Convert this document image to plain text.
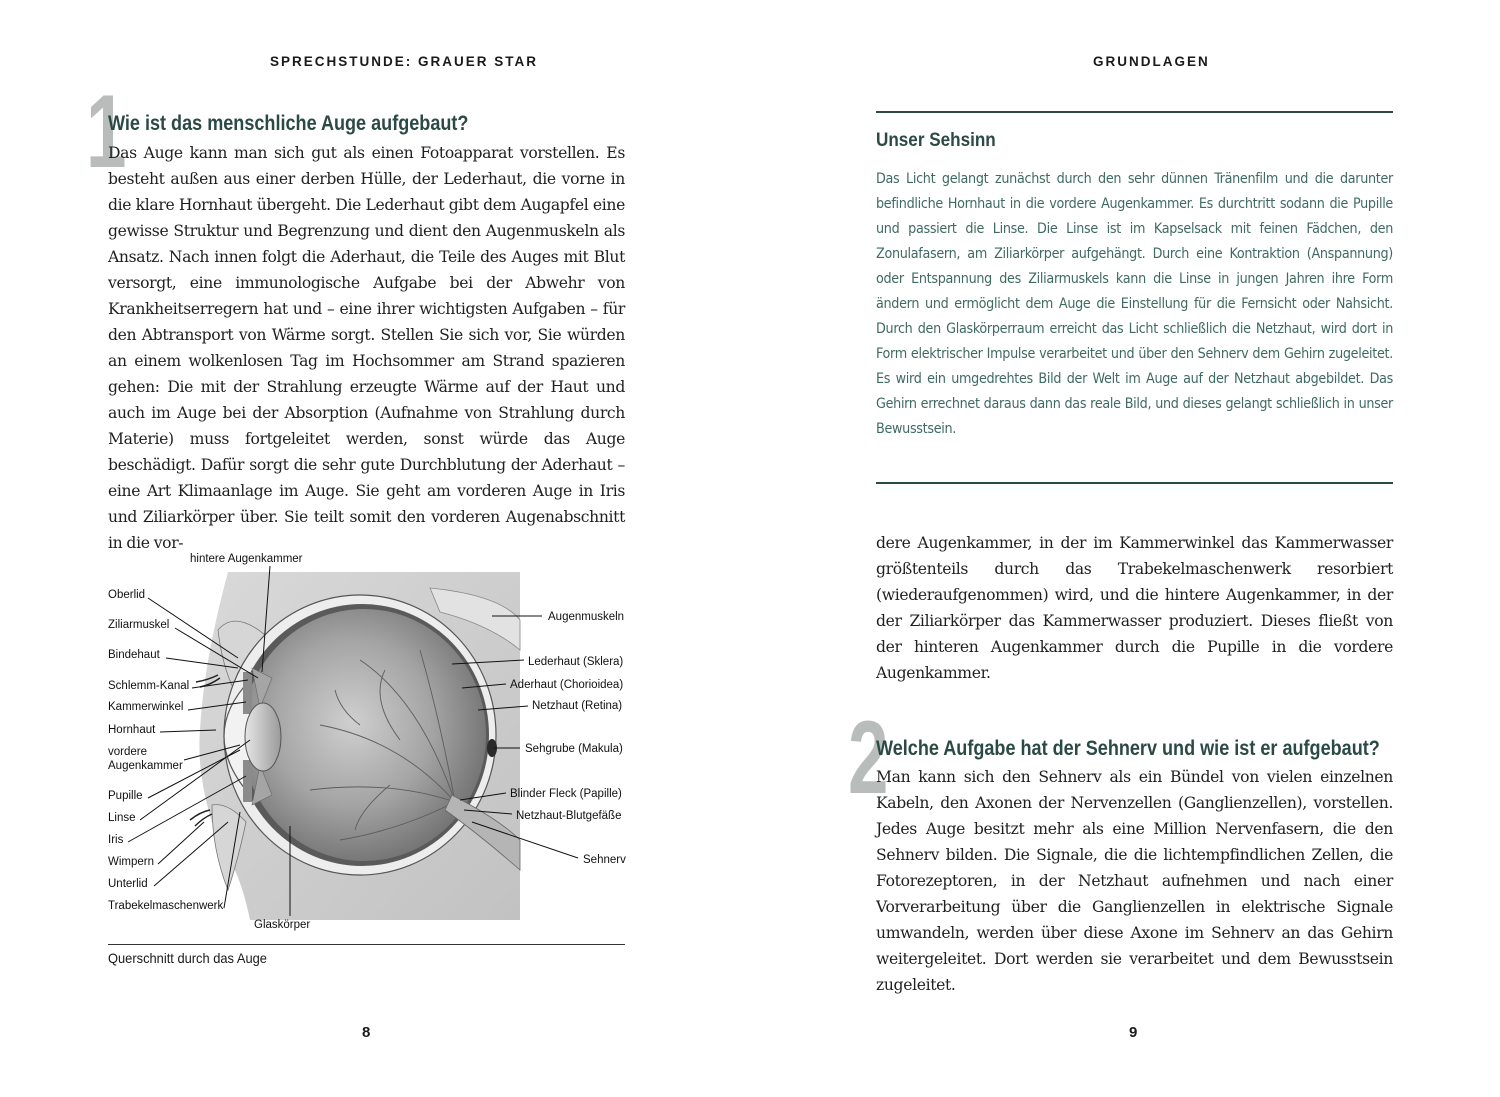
SPRECHSTUNDE: GRAUER STAR
1
Wie ist das menschliche Auge aufgebaut?

Das Auge kann man sich gut als einen Fotoapparat vorstellen. Es besteht außen aus einer derben Hülle, der Lederhaut, die vorne in die klare Hornhaut übergeht. Die Lederhaut gibt dem Augapfel eine gewisse Struktur und Begrenzung und dient den Augenmuskeln als Ansatz. Nach innen folgt die Aderhaut, die Teile des Auges mit Blut versorgt, eine immunologische Aufgabe bei der Abwehr von Krankheitserregern hat und – eine ihrer wichtigsten Aufgaben – für den Abtransport von Wärme sorgt. Stellen Sie sich vor, Sie würden an einem wolkenlosen Tag im Hochsommer am Strand spazieren gehen: Die mit der Strahlung erzeugte Wärme auf der Haut und auch im Auge bei der Absorption (Aufnahme von Strahlung durch Materie) muss fortgeleitet werden, sonst würde das Auge beschädigt. Dafür sorgt die sehr gute Durchblutung der Aderhaut – eine Art Klimaanlage im Auge. Sie geht am vorderen Auge in Iris und Ziliarkörper über. Sie teilt somit den vorderen Augenabschnitt in die vor-

hintere Augenkammer
Oberlid
Ziliarmuskel
Bindehaut
Schlemm-Kanal
Kammerwinkel
Hornhaut
vordere
Augenkammer
Pupille
Linse
Iris
Wimpern
Unterlid
Trabekelmaschenwerk
Augenmuskeln
Lederhaut (Sklera)
Aderhaut (Chorioidea)
Netzhaut (Retina)
Sehgrube (Makula)
Blinder Fleck (Papille)
Netzhaut-Blutgefäße
Sehnerv
Glaskörper
Querschnitt durch das Auge
8
GRUNDLAGEN
Unser Sehsinn

Das Licht gelangt zunächst durch den sehr dünnen Tränenfilm und die darunter befindliche Hornhaut in die vordere Augenkammer. Es durchtritt sodann die Pupille und passiert die Linse. Die Linse ist im Kapselsack mit feinen Fädchen, den Zonulafasern, am Ziliarkörper aufgehängt. Durch eine Kontraktion (Anspannung) oder Entspannung des Ziliarmuskels kann die Linse in jungen Jahren ihre Form ändern und ermöglicht dem Auge die Einstellung für die Fernsicht oder Nahsicht. Durch den Glaskörperraum erreicht das Licht schließlich die Netzhaut, wird dort in Form elektrischer Impulse verarbeitet und über den Sehnerv dem Gehirn zugeleitet. Es wird ein umgedrehtes Bild der Welt im Auge auf der Netzhaut abgebildet. Das Gehirn errechnet daraus dann das reale Bild, und dieses gelangt schließlich in unser Bewusstsein.

dere Augenkammer, in der im Kammerwinkel das Kammerwasser größtenteils durch das Trabekelmaschenwerk resorbiert (wiederaufgenommen) wird, und die hintere Augenkammer, in der der Ziliarkörper das Kammerwasser produziert. Dieses fließt von der hinteren Augenkammer durch die Pupille in die vordere Augenkammer.

2
Welche Aufgabe hat der Sehnerv und wie ist er aufgebaut?

Man kann sich den Sehnerv als ein Bündel von vielen einzelnen Kabeln, den Axonen der Nervenzellen (Ganglienzellen), vorstellen. Jedes Auge besitzt mehr als eine Million Nervenfasern, die den Sehnerv bilden. Die Signale, die die lichtempfindlichen Zellen, die Fotorezeptoren, in der Netzhaut aufnehmen und nach einer Vorverarbeitung über die Ganglienzellen in elektrische Signale umwandeln, werden über diese Axone im Sehnerv an das Gehirn weitergeleitet. Dort werden sie verarbeitet und dem Bewusstsein zugeleitet.

9
